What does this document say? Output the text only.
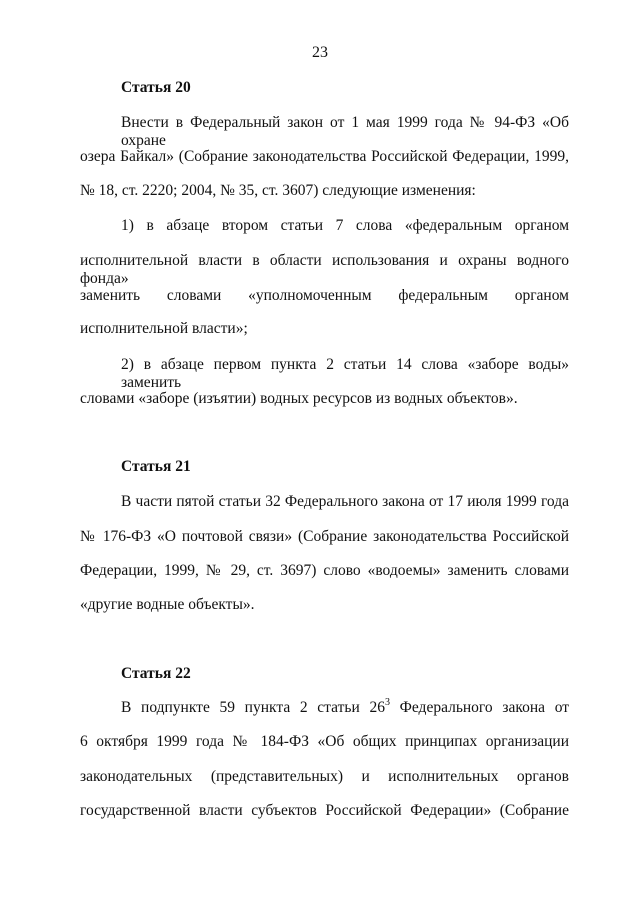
23
Статья 20
Внести в Федеральный закон от 1 мая 1999 года № 94-ФЗ «Об охране
озера Байкал» (Собрание законодательства Российской Федерации, 1999,
№ 18, ст. 2220; 2004, № 35, ст. 3607) следующие изменения:
1) в абзаце втором статьи 7 слова «федеральным органом
исполнительной власти в области использования и охраны водного фонда»
заменить словами «уполномоченным федеральным органом
исполнительной власти»;
2) в абзаце первом пункта 2 статьи 14 слова «заборе воды» заменить
словами «заборе (изъятии) водных ресурсов из водных объектов».
Статья 21
В части пятой статьи 32 Федерального закона от 17 июля 1999 года
№ 176-ФЗ «О почтовой связи» (Собрание законодательства Российской
Федерации, 1999, № 29, ст. 3697) слово «водоемы» заменить словами
«другие водные объекты».
Статья 22
В подпункте 59 пункта 2 статьи $26^3$ Федерального закона от
6 октября 1999 года № 184-ФЗ «Об общих принципах организации
законодательных (представительных) и исполнительных органов
государственной власти субъектов Российской Федерации» (Собрание
